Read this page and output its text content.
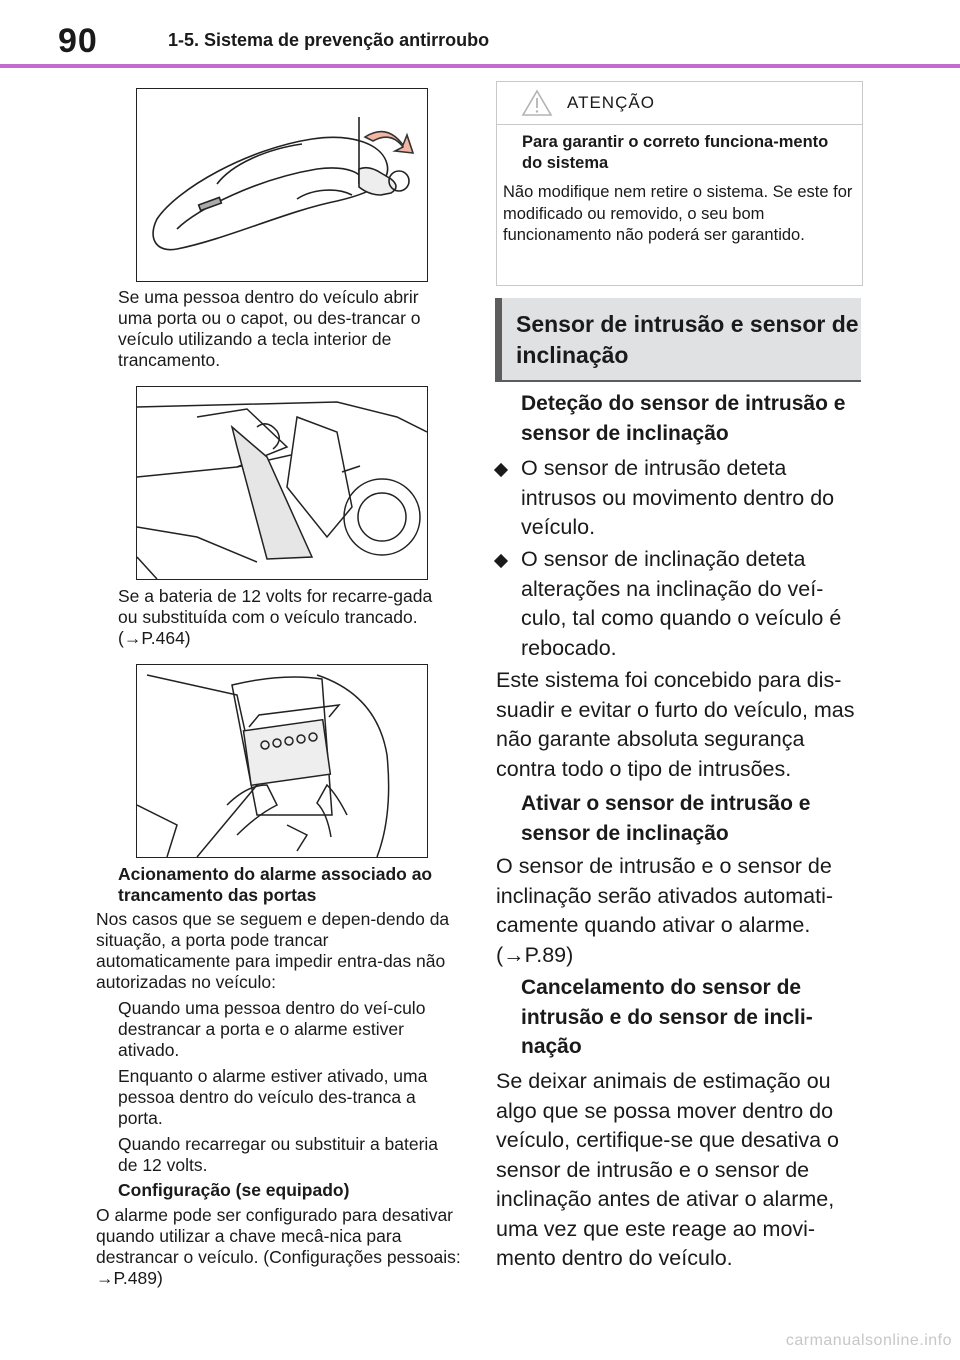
90	1-5. Sistema de prevenção antirroubo
Se uma pessoa dentro do veículo abrir uma porta ou o capot, ou des-trancar o veículo utilizando a tecla interior de trancamento.
Se a bateria de 12 volts for recarre-gada ou substituída com o veículo trancado. (→P.464)
Acionamento do alarme associado ao trancamento das portas
Nos casos que se seguem e depen-dendo da situação, a porta pode trancar automaticamente para impedir entra-das não autorizadas no veículo:
Quando uma pessoa dentro do veí-culo destrancar a porta e o alarme estiver ativado.
Enquanto o alarme estiver ativado, uma pessoa dentro do veículo des-tranca a porta.
Quando recarregar ou substituir a bateria de 12 volts.
Configuração (se equipado)
O alarme pode ser configurado para desativar quando utilizar a chave mecâ-nica para destrancar o veículo. (Configurações pessoais: →P.489)
ATENÇÃO
Para garantir o correto funciona-mento do sistema
Não modifique nem retire o sistema. Se este for modificado ou removido, o seu bom funcionamento não poderá ser garantido.
Sensor de intrusão e sensor de inclinação
Deteção do sensor de intrusão e sensor de inclinação
O sensor de intrusão deteta intrusos ou movimento dentro do veículo.
O sensor de inclinação deteta alterações na inclinação do veí-culo, tal como quando o veículo é rebocado.
Este sistema foi concebido para dis-suadir e evitar o furto do veículo, mas não garante absoluta segurança contra todo o tipo de intrusões.
Ativar o sensor de intrusão e sensor de inclinação
O sensor de intrusão e o sensor de inclinação serão ativados automati-camente quando ativar o alarme. (→P.89)
Cancelamento do sensor de intrusão e do sensor de incli-nação
Se deixar animais de estimação ou algo que se possa mover dentro do veículo, certifique-se que desativa o sensor de intrusão e o sensor de inclinação antes de ativar o alarme, uma vez que este reage ao movi-mento dentro do veículo.
carmanualsonline.info
